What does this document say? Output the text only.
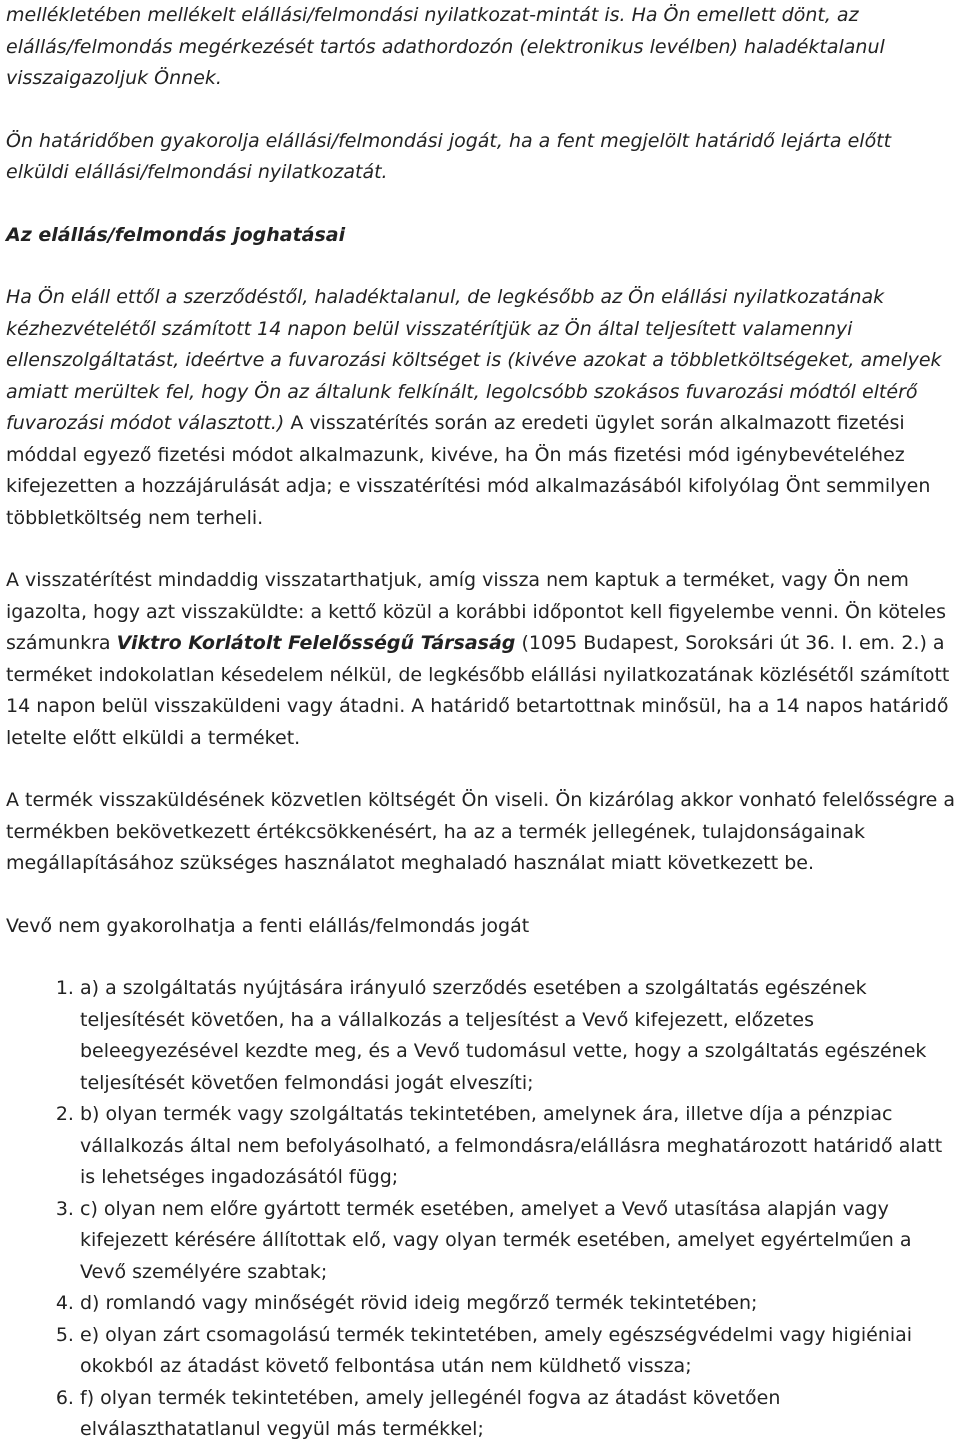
mellékletében mellékelt elállási/felmondási nyilatkozat-mintát is. Ha Ön emellett dönt, az elállás/felmondás megérkezését tartós adathordozón (elektronikus levélben) haladéktalanul visszaigazoljuk Önnek.

Ön határidőben gyakorolja elállási/felmondási jogát, ha a fent megjelölt határidő lejárta előtt elküldi elállási/felmondási nyilatkozatát.

Az elállás/felmondás joghatásai

Ha Ön eláll ettől a szerződéstől, haladéktalanul, de legkésőbb az Ön elállási nyilatkozatának kézhezvételétől számított 14 napon belül visszatérítjük az Ön által teljesített valamennyi ellenszolgáltatást, ideértve a fuvarozási költséget is (kivéve azokat a többletköltségeket, amelyek amiatt merültek fel, hogy Ön az általunk felkínált, legolcsóbb szokásos fuvarozási módtól eltérő fuvarozási módot választott.) A visszatérítés során az eredeti ügylet során alkalmazott fizetési móddal egyező fizetési módot alkalmazunk, kivéve, ha Ön más fizetési mód igénybevételéhez kifejezetten a hozzájárulását adja; e visszatérítési mód alkalmazásából kifolyólag Önt semmilyen többletköltség nem terheli.

A visszatérítést mindaddig visszatarthatjuk, amíg vissza nem kaptuk a terméket, vagy Ön nem igazolta, hogy azt visszaküldte: a kettő közül a korábbi időpontot kell figyelembe venni. Ön köteles számunkra Viktro Korlátolt Felelősségű Társaság (1095 Budapest, Soroksári út 36. I. em. 2.) a terméket indokolatlan késedelem nélkül, de legkésőbb elállási nyilatkozatának közlésétől számított 14 napon belül visszaküldeni vagy átadni. A határidő betartottnak minősül, ha a 14 napos határidő letelte előtt elküldi a terméket.

A termék visszaküldésének közvetlen költségét Ön viseli. Ön kizárólag akkor vonható felelősségre a termékben bekövetkezett értékcsökkenésért, ha az a termék jellegének, tulajdonságainak megállapításához szükséges használatot meghaladó használat miatt következett be.

Vevő nem gyakorolhatja a fenti elállás/felmondás jogát

1. a) a szolgáltatás nyújtására irányuló szerződés esetében a szolgáltatás egészének teljesítését követően, ha a vállalkozás a teljesítést a Vevő kifejezett, előzetes beleegyezésével kezdte meg, és a Vevő tudomásul vette, hogy a szolgáltatás egészének teljesítését követően felmondási jogát elveszíti;
2. b) olyan termék vagy szolgáltatás tekintetében, amelynek ára, illetve díja a pénzpiac vállalkozás által nem befolyásolható, a felmondásra/elállásra meghatározott határidő alatt is lehetséges ingadozásától függ;
3. c) olyan nem előre gyártott termék esetében, amelyet a Vevő utasítása alapján vagy kifejezett kérésére állítottak elő, vagy olyan termék esetében, amelyet egyértelműen a Vevő személyére szabtak;
4. d) romlandó vagy minőségét rövid ideig megőrző termék tekintetében;
5. e) olyan zárt csomagolású termék tekintetében, amely egészségvédelmi vagy higiéniai okokból az átadást követő felbontása után nem küldhető vissza;
6. f) olyan termék tekintetében, amely jellegénél fogva az átadást követően elválaszthatatlanul vegyül más termékkel;
